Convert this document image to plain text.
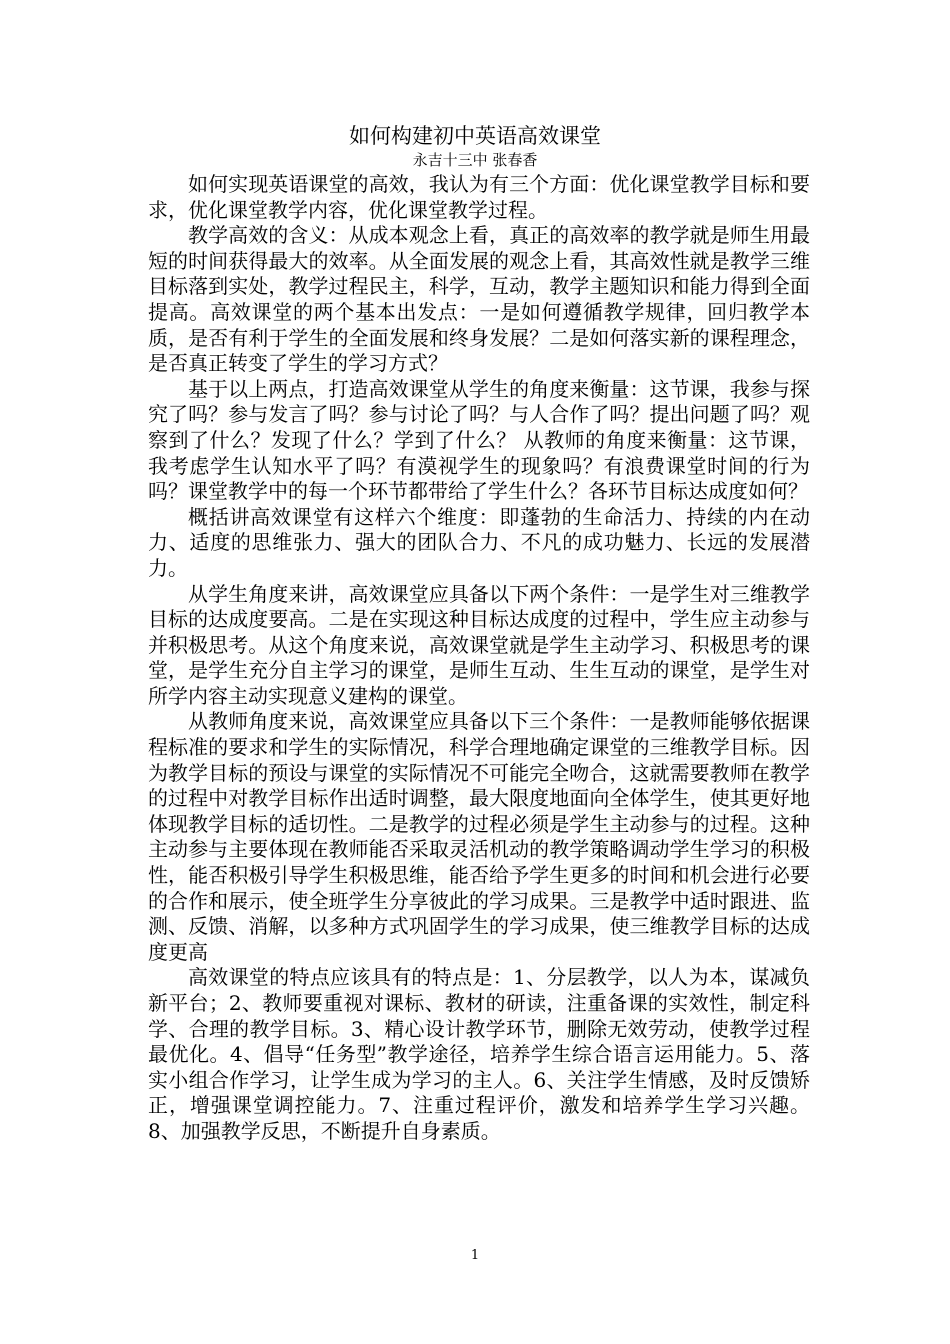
如何构建初中英语高效课堂
永吉十三中 张春香

如何实现英语课堂的高效，我认为有三个方面：优化课堂教学目标和要求，优化课堂教学内容，优化课堂教学过程。

教学高效的含义：从成本观念上看，真正的高效率的教学就是师生用最短的时间获得最大的效率。从全面发展的观念上看，其高效性就是教学三维目标落到实处，教学过程民主，科学，互动，教学主题知识和能力得到全面提高。高效课堂的两个基本出发点：一是如何遵循教学规律，回归教学本质，是否有利于学生的全面发展和终身发展？二是如何落实新的课程理念，是否真正转变了学生的学习方式？

基于以上两点，打造高效课堂从学生的角度来衡量：这节课，我参与探究了吗？参与发言了吗？参与讨论了吗？与人合作了吗？提出问题了吗？观察到了什么？发现了什么？学到了什么？ 从教师的角度来衡量：这节课，我考虑学生认知水平了吗？有漠视学生的现象吗？有浪费课堂时间的行为吗？课堂教学中的每一个环节都带给了学生什么？各环节目标达成度如何？

概括讲高效课堂有这样六个维度：即蓬勃的生命活力、持续的内在动力、适度的思维张力、强大的团队合力、不凡的成功魅力、长远的发展潜力。

从学生角度来讲，高效课堂应具备以下两个条件：一是学生对三维教学目标的达成度要高。二是在实现这种目标达成度的过程中，学生应主动参与并积极思考。从这个角度来说，高效课堂就是学生主动学习、积极思考的课堂，是学生充分自主学习的课堂，是师生互动、生生互动的课堂，是学生对所学内容主动实现意义建构的课堂。

从教师角度来说，高效课堂应具备以下三个条件：一是教师能够依据课程标准的要求和学生的实际情况，科学合理地确定课堂的三维教学目标。因为教学目标的预设与课堂的实际情况不可能完全吻合，这就需要教师在教学的过程中对教学目标作出适时调整，最大限度地面向全体学生，使其更好地体现教学目标的适切性。二是教学的过程必须是学生主动参与的过程。这种主动参与主要体现在教师能否采取灵活机动的教学策略调动学生学习的积极性，能否积极引导学生积极思维，能否给予学生更多的时间和机会进行必要的合作和展示，使全班学生分享彼此的学习成果。三是教学中适时跟进、监测、反馈、消解，以多种方式巩固学生的学习成果，使三维教学目标的达成度更高

高效课堂的特点应该具有的特点是：1、分层教学，以人为本，谋减负新平台；2、教师要重视对课标、教材的研读，注重备课的实效性，制定科学、合理的教学目标。3、精心设计教学环节，删除无效劳动，使教学过程最优化。4、倡导“任务型”教学途径，培养学生综合语言运用能力。5、落实小组合作学习，让学生成为学习的主人。6、关注学生情感，及时反馈矫正，增强课堂调控能力。7、注重过程评价，激发和培养学生学习兴趣。8、加强教学反思，不断提升自身素质。

1
